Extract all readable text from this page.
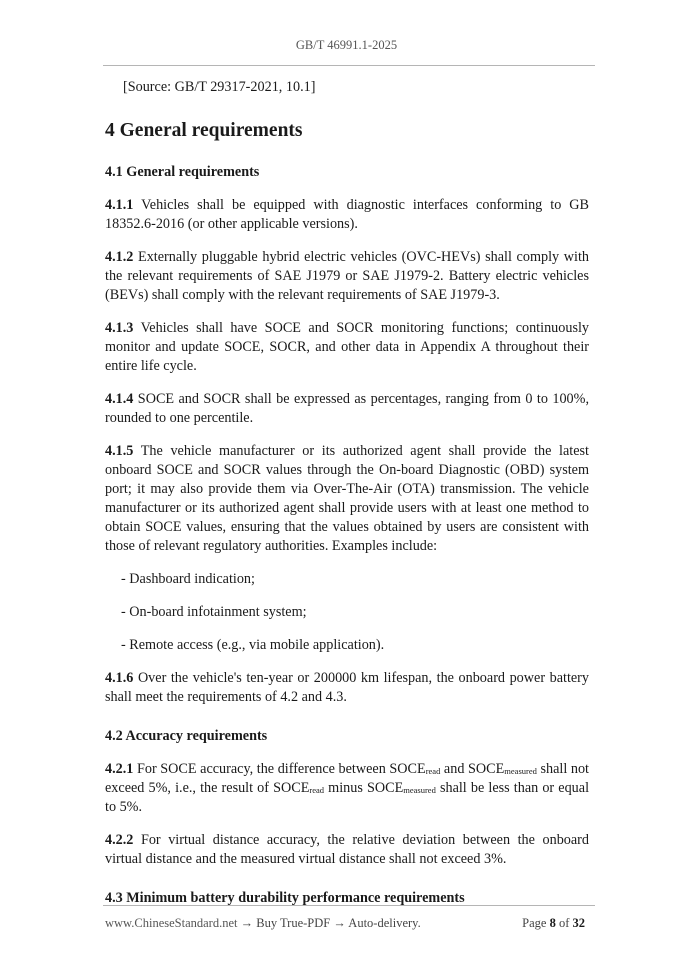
GB/T 46991.1-2025

[Source: GB/T 29317-2021, 10.1]

4 General requirements
4.1 General requirements

4.1.1 Vehicles shall be equipped with diagnostic interfaces conforming to GB 18352.6-2016 (or other applicable versions).

4.1.2 Externally pluggable hybrid electric vehicles (OVC-HEVs) shall comply with the relevant requirements of SAE J1979 or SAE J1979-2. Battery electric vehicles (BEVs) shall comply with the relevant requirements of SAE J1979-3.

4.1.3 Vehicles shall have SOCE and SOCR monitoring functions; continuously monitor and update SOCE, SOCR, and other data in Appendix A throughout their entire life cycle.

4.1.4 SOCE and SOCR shall be expressed as percentages, ranging from 0 to 100%, rounded to one percentile.

4.1.5 The vehicle manufacturer or its authorized agent shall provide the latest onboard SOCE and SOCR values through the On-board Diagnostic (OBD) system port; it may also provide them via Over-The-Air (OTA) transmission. The vehicle manufacturer or its authorized agent shall provide users with at least one method to obtain SOCE values, ensuring that the values obtained by users are consistent with those of relevant regulatory authorities. Examples include:

- Dashboard indication;

- On-board infotainment system;

- Remote access (e.g., via mobile application).

4.1.6 Over the vehicle's ten-year or 200000 km lifespan, the onboard power battery shall meet the requirements of 4.2 and 4.3.

4.2 Accuracy requirements

4.2.1 For SOCE accuracy, the difference between $SOCE_{read}$ and $SOCE_{measured}$ shall not exceed 5%, i.e., the result of $SOCE_{read}$ minus $SOCE_{measured}$ shall be less than or equal to 5%.

4.2.2 For virtual distance accuracy, the relative deviation between the onboard virtual distance and the measured virtual distance shall not exceed 3%.

4.3 Minimum battery durability performance requirements
www.ChineseStandard.net → Buy True-PDF → Auto-delivery.	Page 8 of 32
